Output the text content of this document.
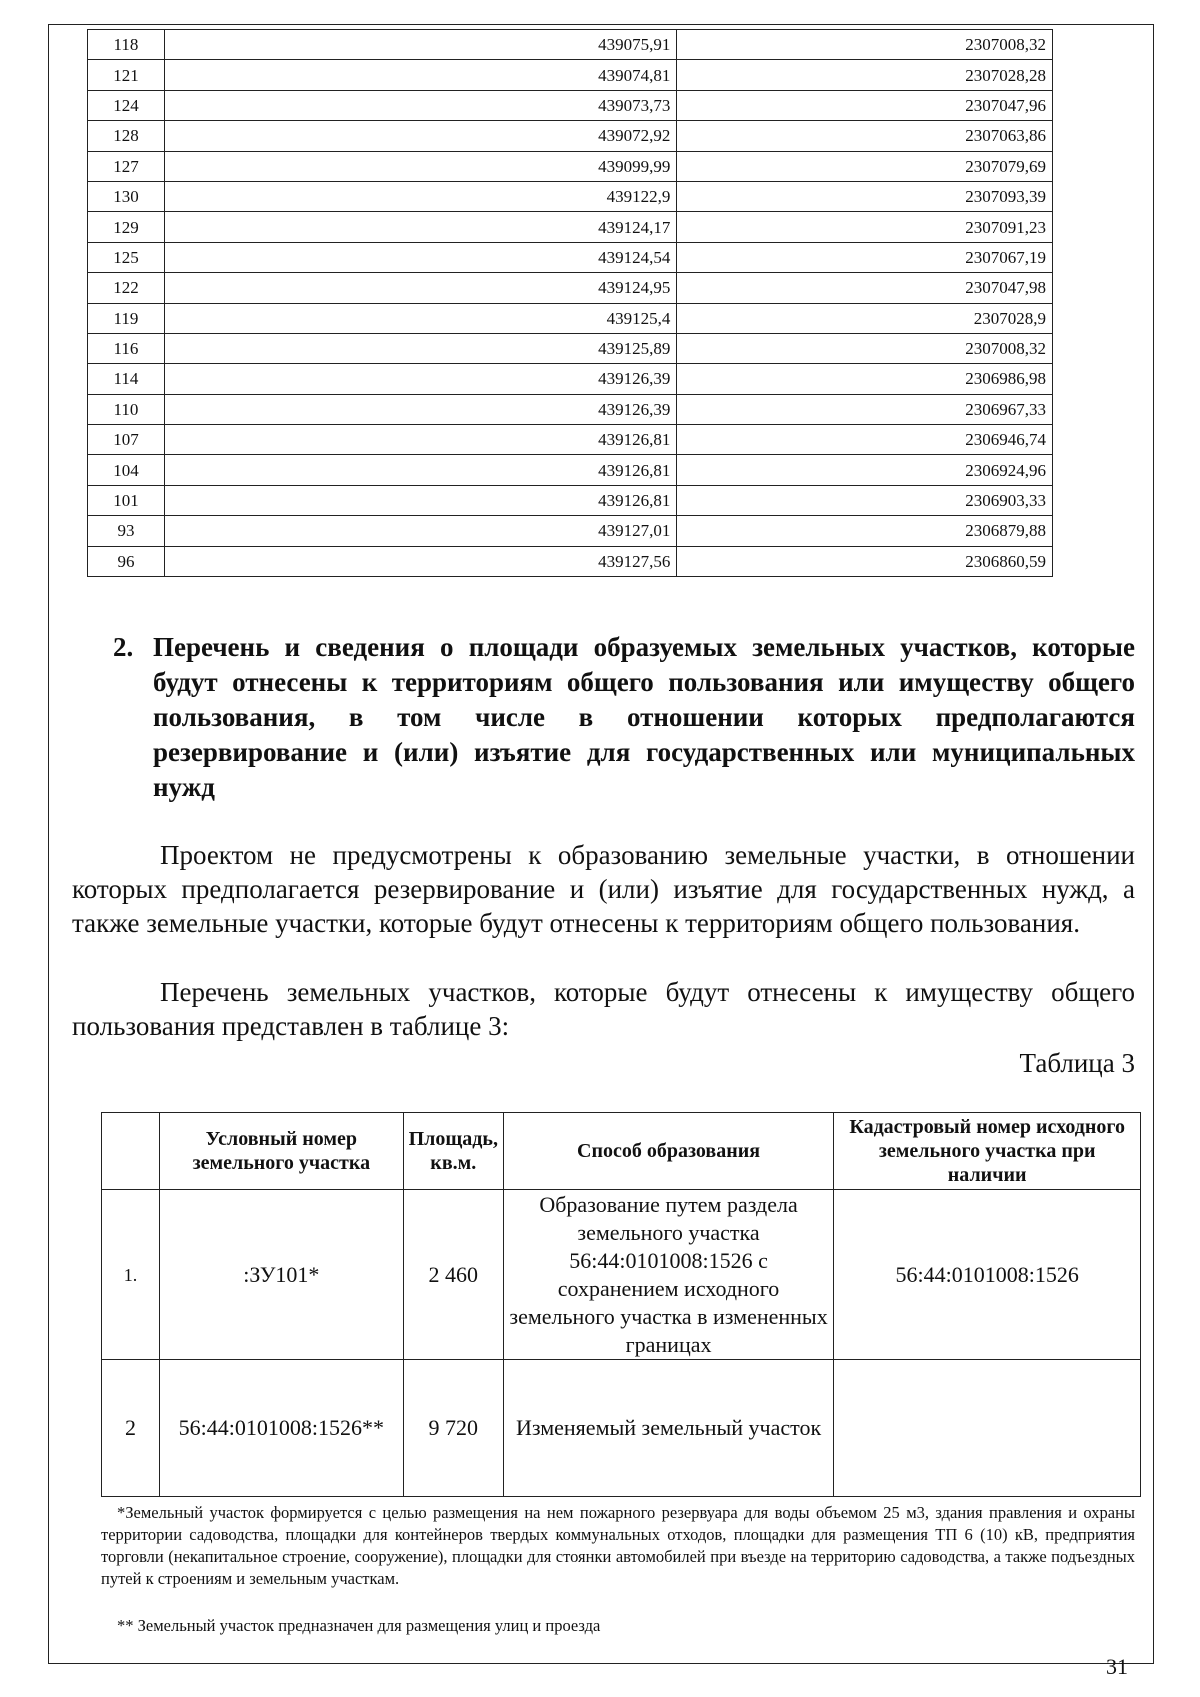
118	439075,91	2307008,32
121	439074,81	2307028,28
124	439073,73	2307047,96
128	439072,92	2307063,86
127	439099,99	2307079,69
130	439122,9	2307093,39
129	439124,17	2307091,23
125	439124,54	2307067,19
122	439124,95	2307047,98
119	439125,4	2307028,9
116	439125,89	2307008,32
114	439126,39	2306986,98
110	439126,39	2306967,33
107	439126,81	2306946,74
104	439126,81	2306924,96
101	439126,81	2306903,33
93	439127,01	2306879,88
96	439127,56	2306860,59
2. Перечень и сведения о площади образуемых земельных участков, которые будут отнесены к территориям общего пользования или имуществу общего пользования, в том числе в отношении которых предполагаются резервирование и (или) изъятие для государственных или муниципальных нужд

Проектом не предусмотрены к образованию земельные участки, в отношении которых предполагается резервирование и (или) изъятие для государственных нужд, а также земельные участки, которые будут отнесены к территориям общего пользования.

Перечень земельных участков, которые будут отнесены к имуществу общего пользования представлен в таблице 3:

Таблица 3
	Условный номер земельного участка	Площадь, кв.м.	Способ образования	Кадастровый номер исходного земельного участка при наличии
1.	:ЗУ101*	2 460	Образование путем раздела земельного участка 56:44:0101008:1526 с сохранением исходного земельного участка в измененных границах	56:44:0101008:1526
2	56:44:0101008:1526**	9 720	Изменяемый земельный участок	

*Земельный участок формируется с целью размещения на нем пожарного резервуара для воды объемом 25 м3, здания правления и охраны территории садоводства, площадки для контейнеров твердых коммунальных отходов, площадки для размещения ТП 6 (10) кВ, предприятия торговли (некапитальное строение, сооружение), площадки для стоянки автомобилей при въезде на территорию садоводства, а также подъездных путей к строениям и земельным участкам.

** Земельный участок предназначен для размещения улиц и проезда

31
